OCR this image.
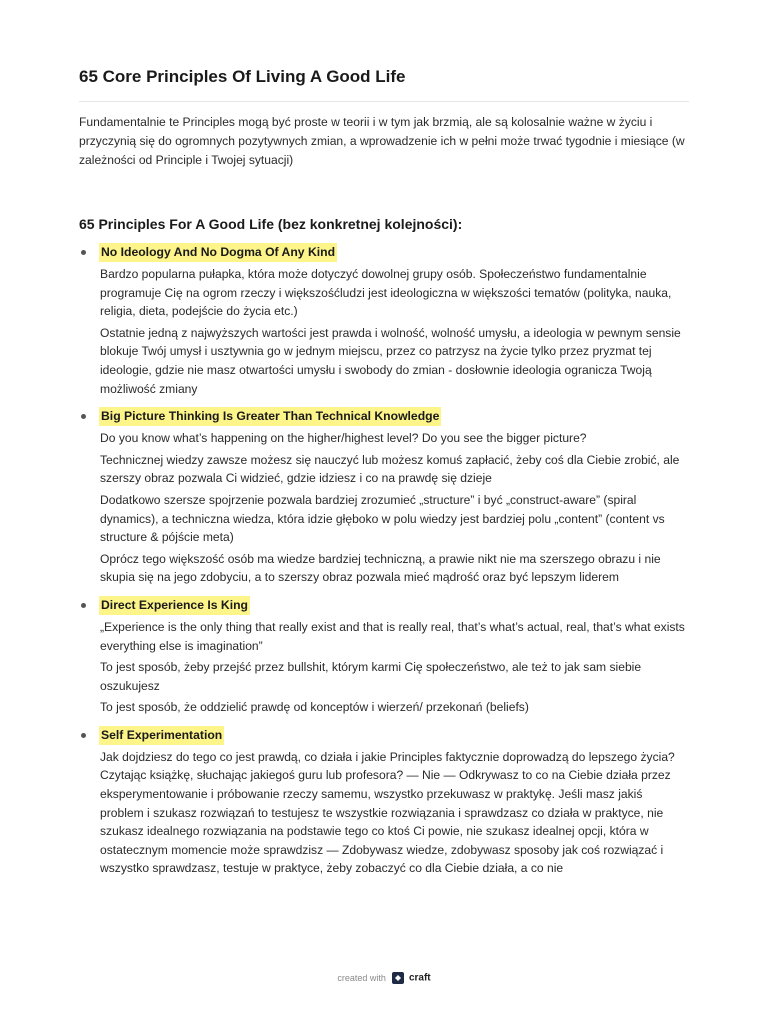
65 Core Principles Of Living A Good Life

Fundamentalnie te Principles mogą być proste w teorii i w tym jak brzmią, ale są kolosalnie ważne w życiu i przyczynią się do ogromnych pozytywnych zmian, a wprowadzenie ich w pełni może trwać tygodnie i miesiące (w zależności od Principle i Twojej sytuacji)

65 Principles For A Good Life (bez konkretnej kolejności):
No Ideology And No Dogma Of Any Kind

Bardzo popularna pułapka, która może dotyczyć dowolnej grupy osób. Społeczeństwo fundamentalnie programuje Cię na ogrom rzeczy i większośćludzi jest ideologiczna w większości tematów (polityka, nauka, religia, dieta, podejście do życia etc.)

Ostatnie jedną z najwyższych wartości jest prawda i wolność, wolność umysłu, a ideologia w pewnym sensie blokuje Twój umysł i usztywnia go w jednym miejscu, przez co patrzysz na życie tylko przez pryzmat tej ideologie, gdzie nie masz otwartości umysłu i swobody do zmian - dosłownie ideologia ogranicza Twoją możliwość zmiany

Big Picture Thinking Is Greater Than Technical Knowledge

Do you know what’s happening on the higher/highest level? Do you see the bigger picture?

Technicznej wiedzy zawsze możesz się nauczyć lub możesz komuś zapłacić, żeby coś dla Ciebie zrobić, ale szerszy obraz pozwala Ci widzieć, gdzie idziesz i co na prawdę się dzieje

Dodatkowo szersze spojrzenie pozwala bardziej zrozumieć „structure” i być „construct-aware” (spiral dynamics), a techniczna wiedza, która idzie głęboko w polu wiedzy jest bardziej polu „content” (content vs structure & pójście meta)

Oprócz tego większość osób ma wiedze bardziej techniczną, a prawie nikt nie ma szerszego obrazu i nie skupia się na jego zdobyciu, a to szerszy obraz pozwala mieć mądrość oraz być lepszym liderem

Direct Experience Is King

„Experience is the only thing that really exist and that is really real, that’s what’s actual, real, that’s what exists everything else is imagination”

To jest sposób, żeby przejść przez bullshit, którym karmi Cię społeczeństwo, ale też to jak sam siebie oszukujesz

To jest sposób, że oddzielić prawdę od konceptów i wierzeń/ przekonań (beliefs)

Self Experimentation

Jak dojdziesz do tego co jest prawdą, co działa i jakie Principles faktycznie doprowadzą do lepszego życia? Czytając książkę, słuchając jakiegoś guru lub profesora? — Nie — Odkrywasz to co na Ciebie działa przez eksperymentowanie i próbowanie rzeczy samemu, wszystko przekuwasz w praktykę. Jeśli masz jakiś problem i szukasz rozwiązań to testujesz te wszystkie rozwiązania i sprawdzasz co działa w praktyce, nie szukasz idealnego rozwiązania na podstawie tego co ktoś Ci powie, nie szukasz idealnej opcji, która w ostatecznym momencie może sprawdzisz — Zdobywasz wiedze, zdobywasz sposoby jak coś rozwiązać i wszystko sprawdzasz, testuje w praktyce, żeby zobaczyć co dla Ciebie działa, a co nie

created with craft
